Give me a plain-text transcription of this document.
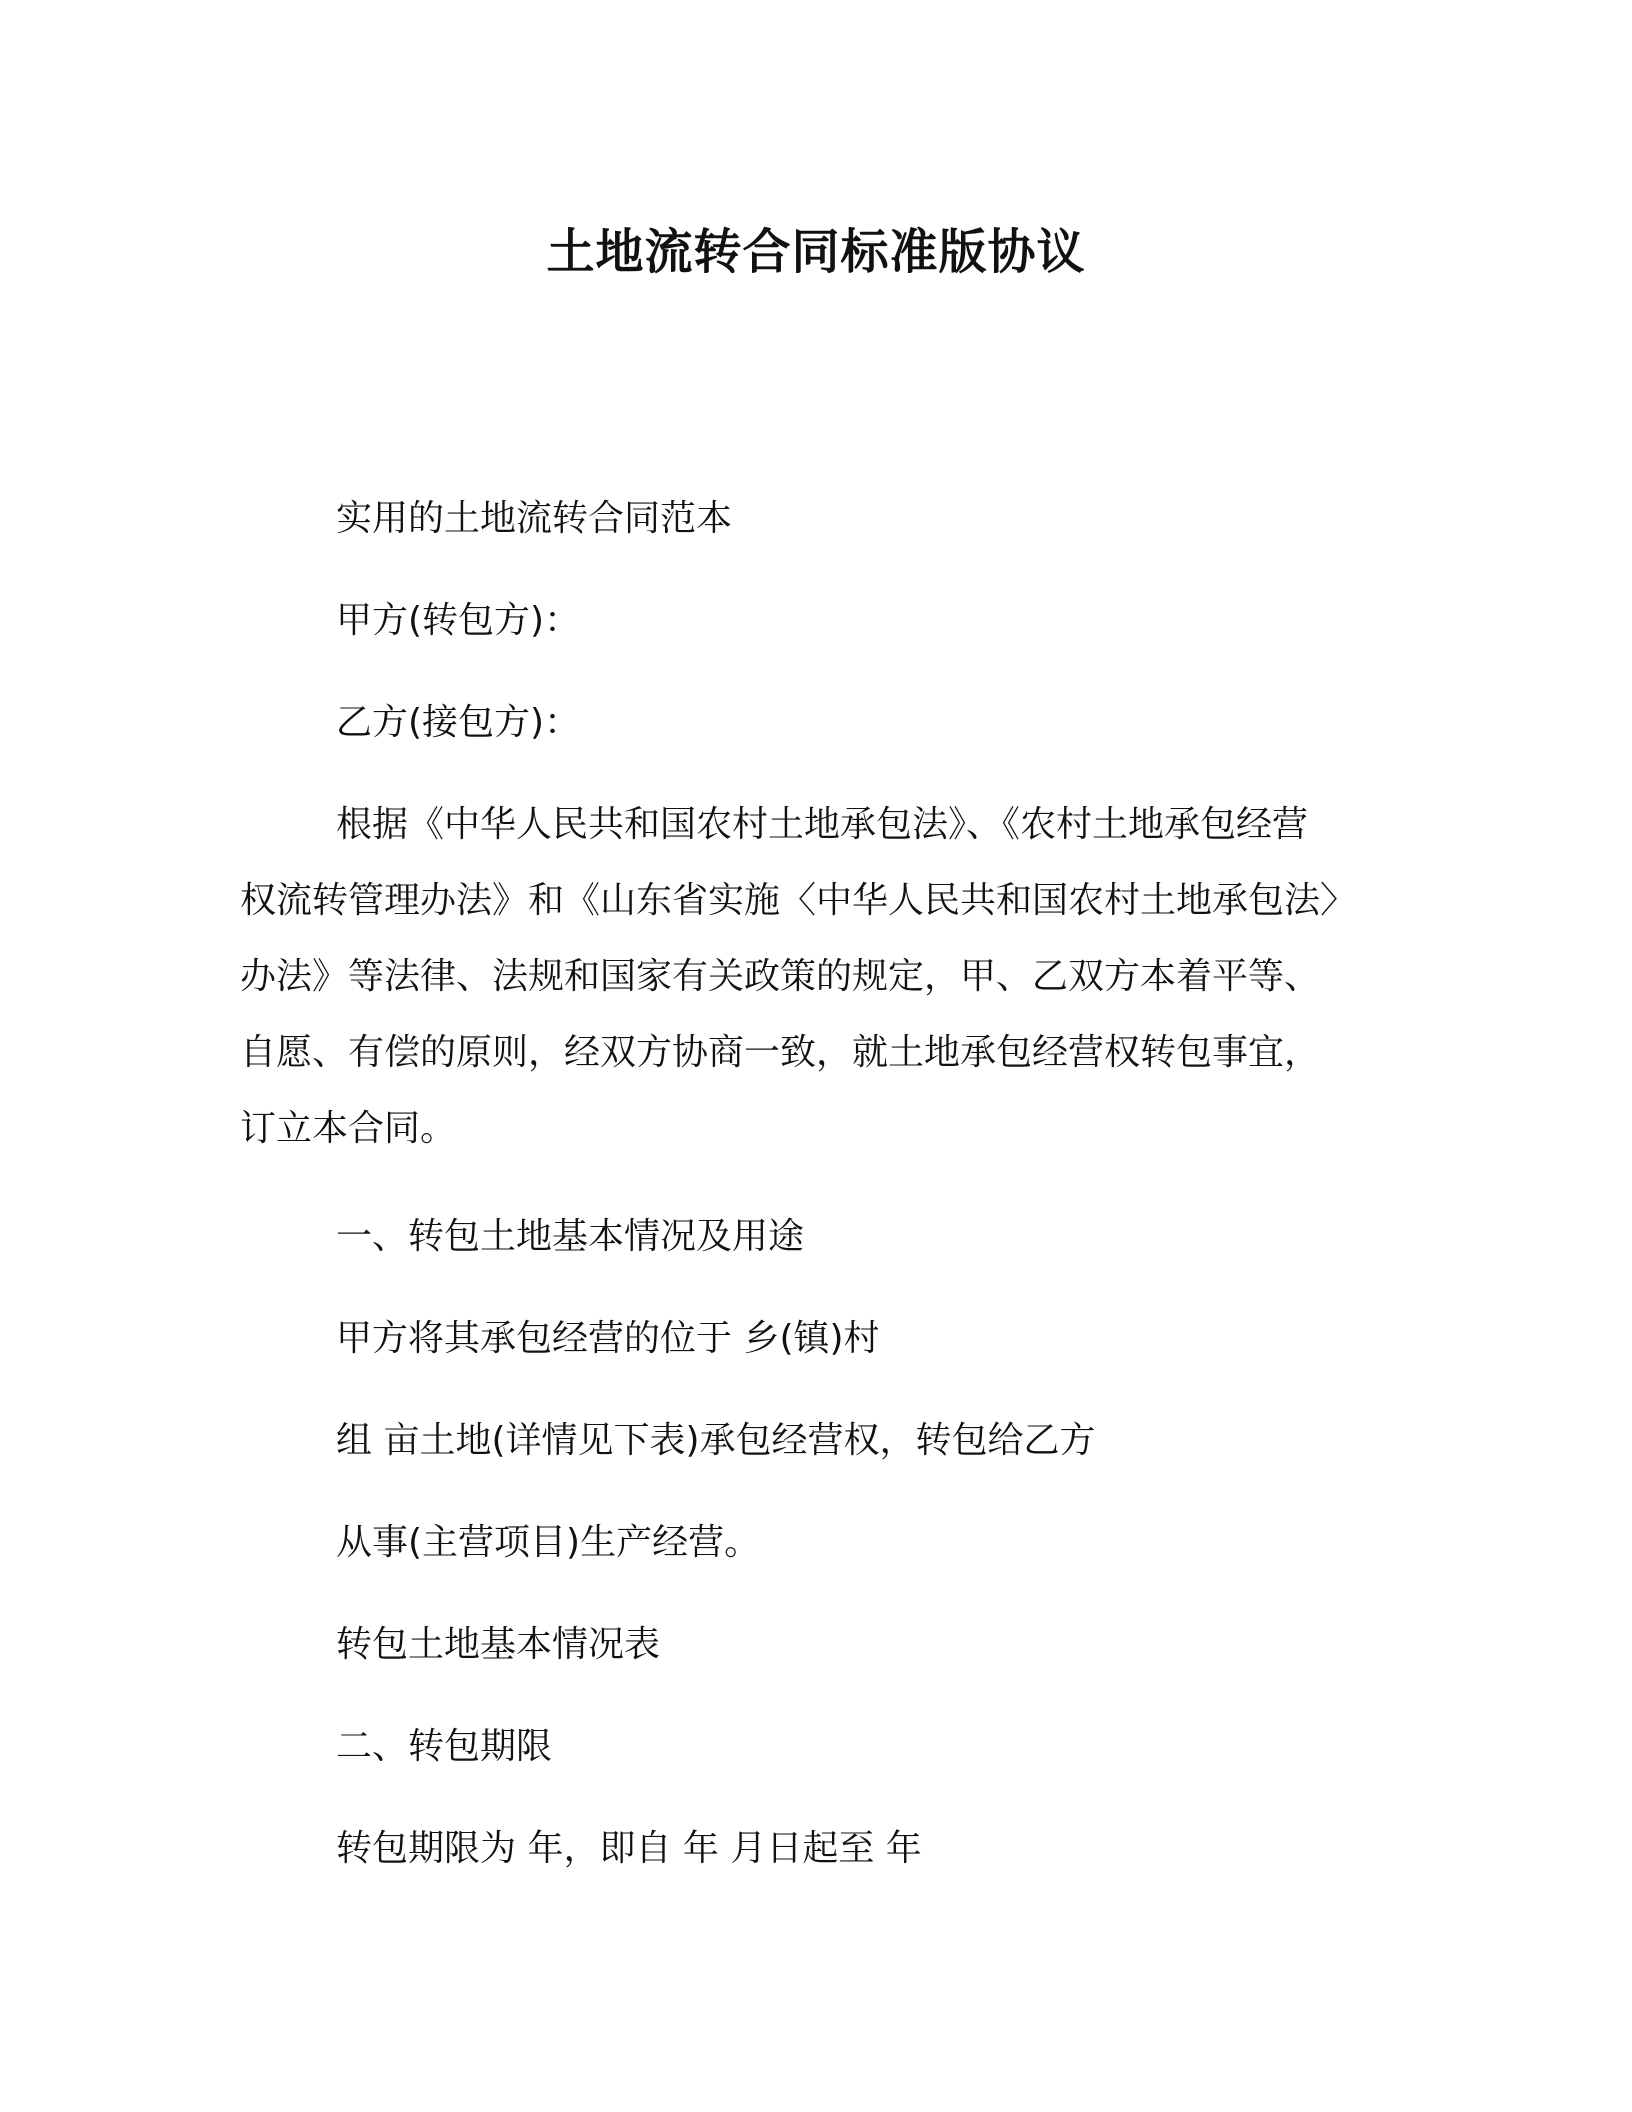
土地流转合同标准版协议
实用的土地流转合同范本
甲方(转包方)：
乙方(接包方)：
根据《中华人民共和国农村土地承包法》、《农村土地承包经营
权流转管理办法》和《山东省实施〈中华人民共和国农村土地承包法〉
办法》等法律、法规和国家有关政策的规定，甲、乙双方本着平等、
自愿、有偿的原则，经双方协商一致，就土地承包经营权转包事宜，
订立本合同。
一、转包土地基本情况及用途
甲方将其承包经营的位于 乡(镇)村
组 亩土地(详情见下表)承包经营权，转包给乙方
从事(主营项目)生产经营。
转包土地基本情况表
二、转包期限
转包期限为 年，即自 年 月日起至 年
